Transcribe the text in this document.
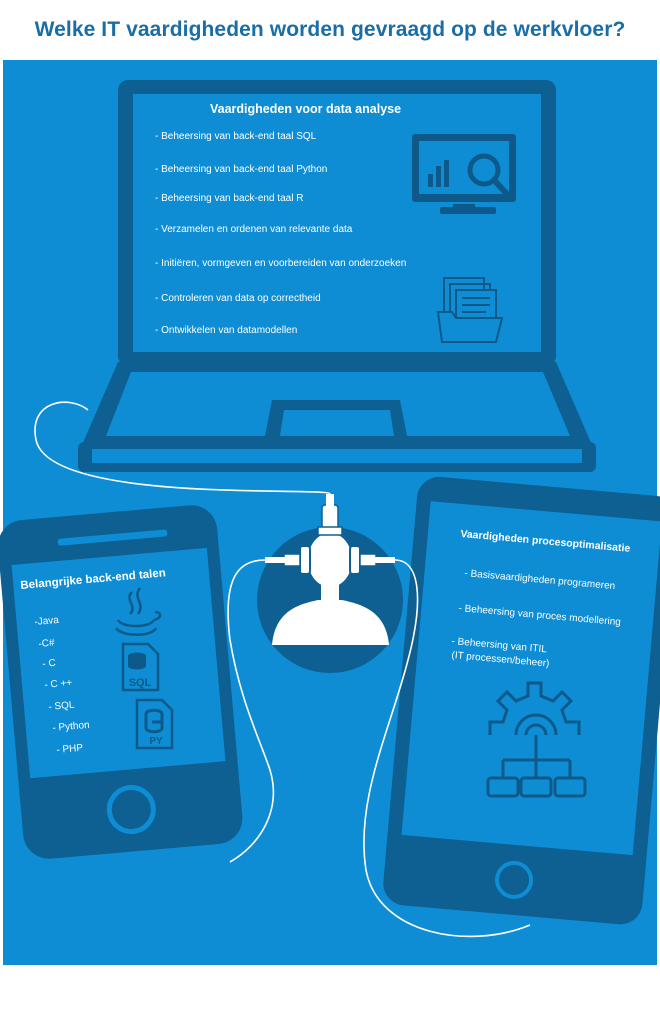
Welke IT vaardigheden worden gevraagd op de werkvloer?
SQL
PY

Vaardigheden voor data analyse

- Beheersing van back-end taal SQL

- Beheersing van back-end taal Python

- Beheersing van back-end taal R

- Verzamelen en ordenen van relevante data

- Initiëren, vormgeven en voorbereiden van onderzoeken

- Controleren van data op correctheid

- Ontwikkelen van datamodellen

Belangrijke back-end talen

-Java

-C#

- C

- C ++

- SQL

- Python

- PHP

Vaardigheden procesoptimalisatie

- Basisvaardigheden programeren

- Beheersing van proces modellering

- Beheersing van ITIL

(IT processen/beheer)
